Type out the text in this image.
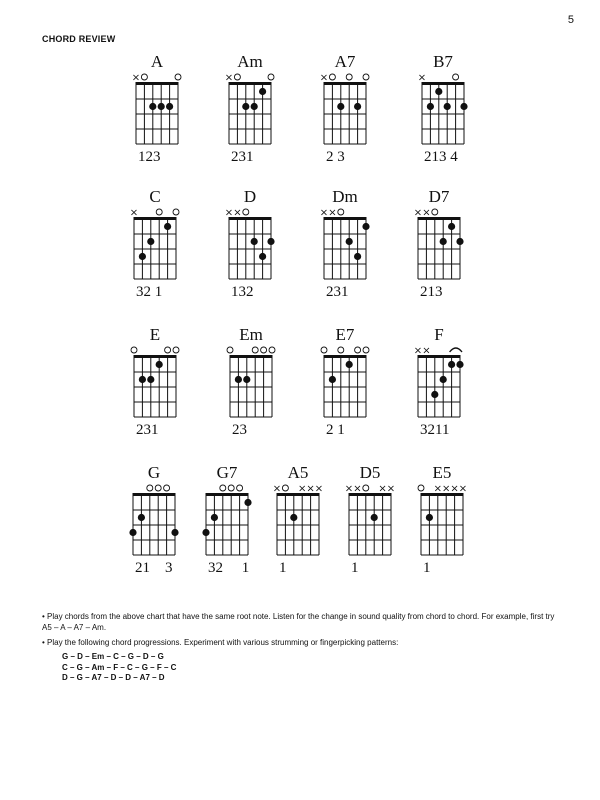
5
CHORD REVIEW
A
×
123
Am
×
231
A7
×
2 3
B7
×
213 4
C
×
32 1
D
× ×
132
Dm
× ×
231
D7
× ×
213
E
231
Em
23
E7
2 1
F
× ×
3211
G
21    3
G7
32     1
A5
× × × ×
1
D5
× × × ×
1
E5
× × × ×
1

• Play chords from the above chart that have the same root note. Listen for the change in sound quality from chord to chord. For example, first try A5 – A – A7 – Am.

• Play the following chord progressions. Experiment with various strumming or fingerpicking patterns:

G – D – Em – C – G – D – G
C – G – Am – F – C – G – F – C
D – G – A7 – D – D – A7 – D
